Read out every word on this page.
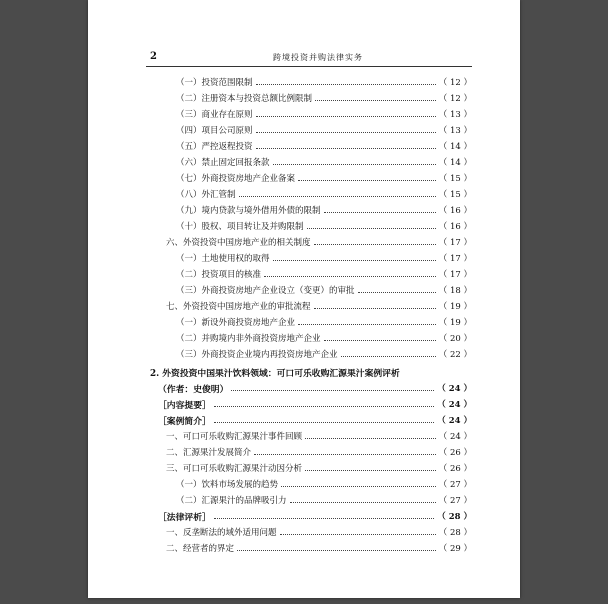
2	跨境投资并购法律实务
（一）投资范围限制	（ 12 ）
（二）注册资本与投资总额比例限制	（ 12 ）
（三）商业存在原则	（ 13 ）
（四）项目公司原则	（ 13 ）
（五）严控返程投资	（ 14 ）
（六）禁止固定回报条款	（ 14 ）
（七）外商投资房地产企业备案	（ 15 ）
（八）外汇管制	（ 15 ）
（九）境内贷款与境外借用外债的限制	（ 16 ）
（十）股权、项目转让及并购限制	（ 16 ）
六、外资投资中国房地产业的相关制度	（ 17 ）
（一）土地使用权的取得	（ 17 ）
（二）投资项目的核准	（ 17 ）
（三）外商投资房地产企业设立（变更）的审批	（ 18 ）
七、外资投资中国房地产业的审批流程	（ 19 ）
（一）新设外商投资房地产企业	（ 19 ）
（二）并购境内非外商投资房地产企业	（ 20 ）
（三）外商投资企业境内再投资房地产企业	（ 22 ）
2. 外资投资中国果汁饮料领域：可口可乐收购汇源果汁案例评析
（作者：史俊明）	（ 24 ）
［内容提要］	（ 24 ）
［案例简介］	（ 24 ）
一、可口可乐收购汇源果汁事件回顾	（ 24 ）
二、汇源果汁发展简介	（ 26 ）
三、可口可乐收购汇源果汁动因分析	（ 26 ）
（一）饮料市场发展的趋势	（ 27 ）
（二）汇源果汁的品牌吸引力	（ 27 ）
［法律评析］	（ 28 ）
一、反垄断法的域外适用问题	（ 28 ）
二、经营者的界定	（ 29 ）
